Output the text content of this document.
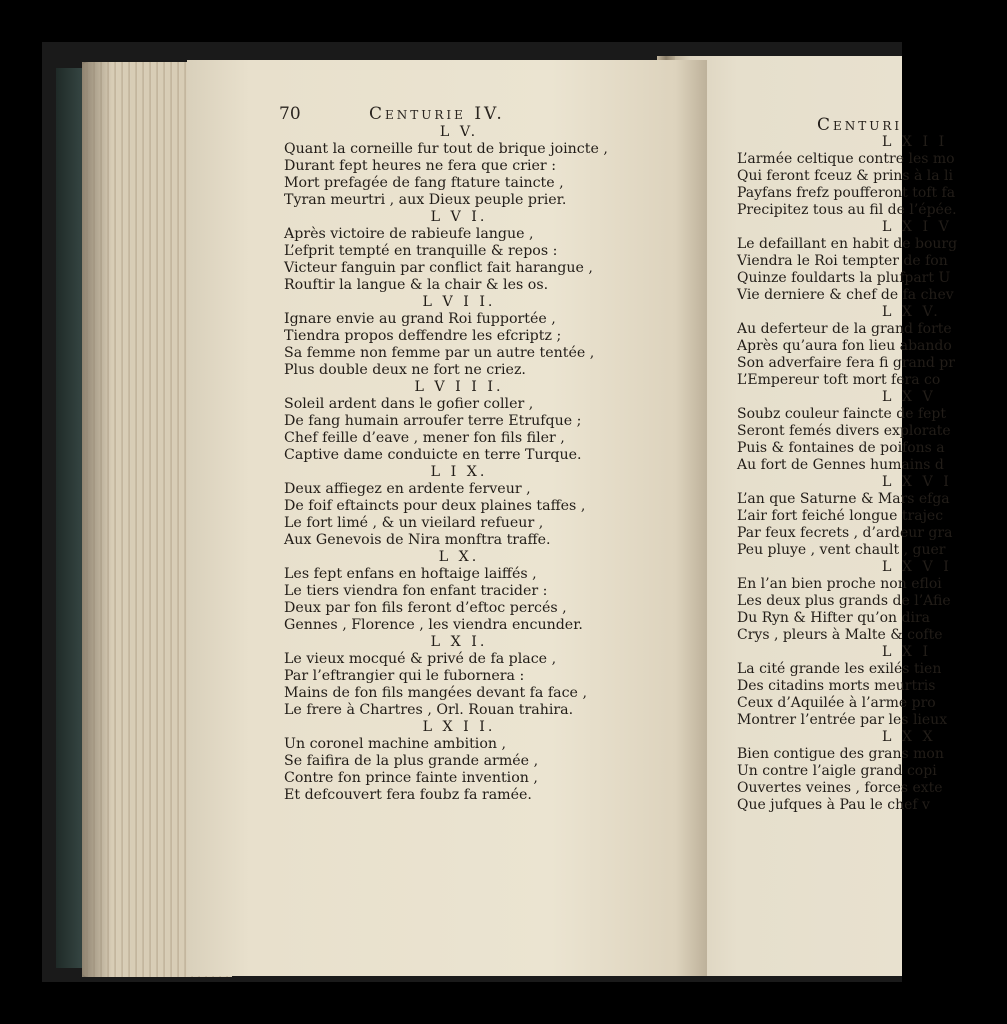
Centuri

L X I I

L’armée celtique contre les mo

Qui feront fceuz & prins à la li

Payfans frefz poufferont toft fa

Precipitez tous au fil de l’épée.

L X I V

Le defaillant en habit de bourg

Viendra le Roi tempter de fon

Quinze fouldarts la plufpart U

Vie derniere & chef de fa chev

L X V.

Au deferteur de la grand forte

Après qu’aura fon lieu abando

Son adverfaire fera fi grand pr

L’Empereur toft mort fera co

L X V

Soubz couleur faincte de fept

Seront femés divers explorate

Puis & fontaines de poifons a

Au fort de Gennes humains d

L X V I

L’an que Saturne & Mars efga

L’air fort feiché longue trajec

Par feux fecrets , d’ardeur gra

Peu pluye , vent chault , guer

L X V I

En l’an bien proche non efloi

Les deux plus grands de l’Afie

Du Ryn & Hifter qu’on dira

Crys , pleurs à Malte & cofte

L X I

La cité grande les exilés tien

Des citadins morts meurtris

Ceux d’Aquilée à l’arme pro

Montrer l’entrée par les lieux

L X X

Bien contigue des grans mon

Un contre l’aigle grand copi

Ouvertes veines , forces exte

Que jufques à Pau le chef v

70	Centurie IV.

L V.

Quant la corneille fur tout de brique joincte ,

Durant fept heures ne fera que crier :

Mort prefagée de fang ftature taincte ,

Tyran meurtri , aux Dieux peuple prier.

L V I.

Après victoire de rabieufe langue ,

L’efprit tempté en tranquille & repos :

Victeur fanguin par conflict fait harangue ,

Rouftir la langue & la chair & les os.

L V I I.

Ignare envie au grand Roi fupportée ,

Tiendra propos deffendre les efcriptz ;

Sa femme non femme par un autre tentée ,

Plus double deux ne fort ne criez.

L V I I I.

Soleil ardent dans le gofier coller ,

De fang humain arroufer terre Etrufque ;

Chef feille d’eave , mener fon fils filer ,

Captive dame conduicte en terre Turque.

L I X.

Deux affiegez en ardente ferveur ,

De foif eftaincts pour deux plaines taffes ,

Le fort limé , & un vieilard refueur ,

Aux Genevois de Nira monftra traffe.

L X.

Les fept enfans en hoftaige laiffés ,

Le tiers viendra fon enfant tracider :

Deux par fon fils feront d’eftoc percés ,

Gennes , Florence , les viendra encunder.

L X I.

Le vieux mocqué & privé de fa place ,

Par l’eftrangier qui le fubornera :

Mains de fon fils mangées devant fa face ,

Le frere à Chartres , Orl. Rouan trahira.

L X I I.

Un coronel machine ambition ,

Se faifira de la plus grande armée ,

Contre fon prince fainte invention ,

Et defcouvert fera foubz fa ramée.
